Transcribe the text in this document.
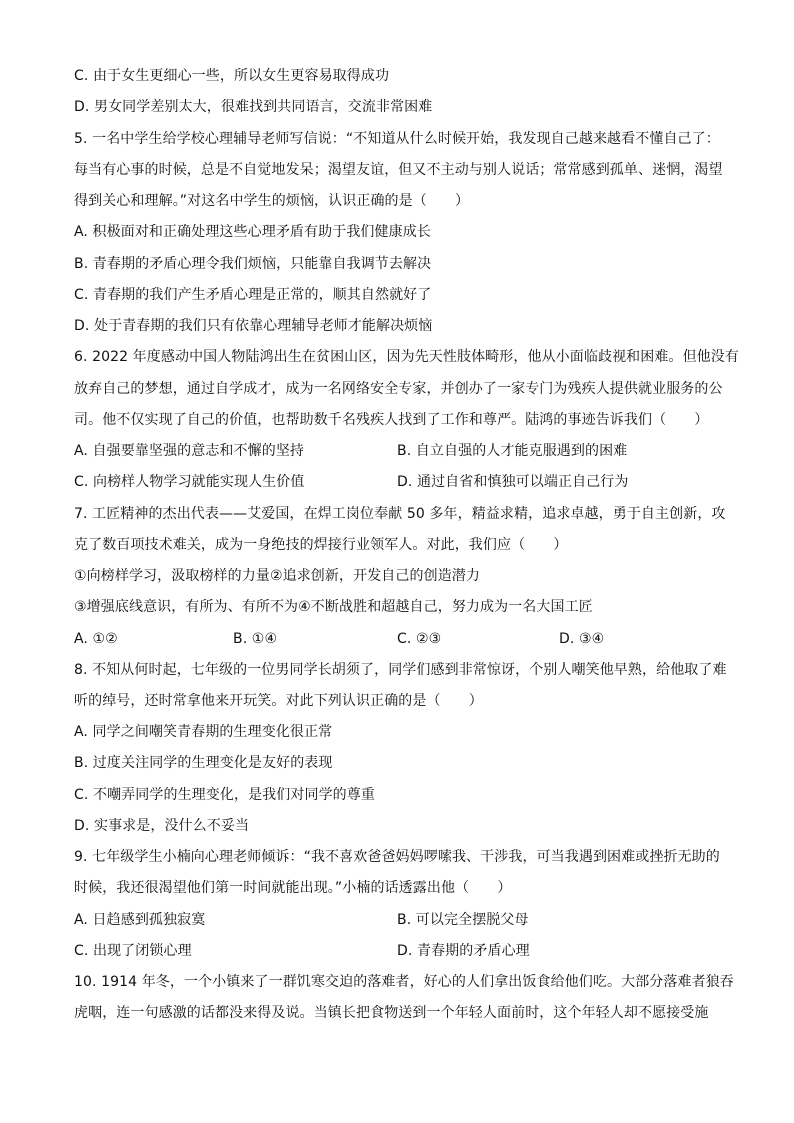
C. 由于女生更细心一些，所以女生更容易取得成功
D. 男女同学差别太大，很难找到共同语言，交流非常困难
5. 一名中学生给学校心理辅导老师写信说：“不知道从什么时候开始，我发现自己越来越看不懂自己了：
每当有心事的时候，总是不自觉地发呆；渴望友谊，但又不主动与别人说话；常常感到孤单、迷惘，渴望
得到关心和理解。”对这名中学生的烦恼，认识正确的是（　　）
A. 积极面对和正确处理这些心理矛盾有助于我们健康成长
B. 青春期的矛盾心理令我们烦恼，只能靠自我调节去解决
C. 青春期的我们产生矛盾心理是正常的，顺其自然就好了
D. 处于青春期的我们只有依靠心理辅导老师才能解决烦恼
6. 2022 年度感动中国人物陆鸿出生在贫困山区，因为先天性肢体畸形，他从小面临歧视和困难。但他没有
放弃自己的梦想，通过自学成才，成为一名网络安全专家，并创办了一家专门为残疾人提供就业服务的公
司。他不仅实现了自己的价值，也帮助数千名残疾人找到了工作和尊严。陆鸿的事迹告诉我们（　　）
A. 自强要靠坚强的意志和不懈的坚持	B. 自立自强的人才能克服遇到的困难
C. 向榜样人物学习就能实现人生价值	D. 通过自省和慎独可以端正自己行为
7. 工匠精神的杰出代表——艾爱国，在焊工岗位奉献 50 多年，精益求精，追求卓越，勇于自主创新，攻
克了数百项技术难关，成为一身绝技的焊接行业领军人。对此，我们应（　　）
①向榜样学习，汲取榜样的力量②追求创新，开发自己的创造潜力
③增强底线意识，有所为、有所不为④不断战胜和超越自己，努力成为一名大国工匠
A. ①②	B. ①④	C. ②③	D. ③④
8. 不知从何时起，七年级的一位男同学长胡须了，同学们感到非常惊讶，个别人嘲笑他早熟，给他取了难
听的绰号，还时常拿他来开玩笑。对此下列认识正确的是（　　）
A. 同学之间嘲笑青春期的生理变化很正常
B. 过度关注同学的生理变化是友好的表现
C. 不嘲弄同学的生理变化，是我们对同学的尊重
D. 实事求是，没什么不妥当
9. 七年级学生小楠向心理老师倾诉：“我不喜欢爸爸妈妈啰嗦我、干涉我，可当我遇到困难或挫折无助的
时候，我还很渴望他们第一时间就能出现。”小楠的话透露出他（　　）
A. 日趋感到孤独寂寞	B. 可以完全摆脱父母
C. 出现了闭锁心理	D. 青春期的矛盾心理
10. 1914 年冬，一个小镇来了一群饥寒交迫的落难者，好心的人们拿出饭食给他们吃。大部分落难者狼吞
虎咽，连一句感激的话都没来得及说。当镇长把食物送到一个年轻人面前时，这个年轻人却不愿接受施
